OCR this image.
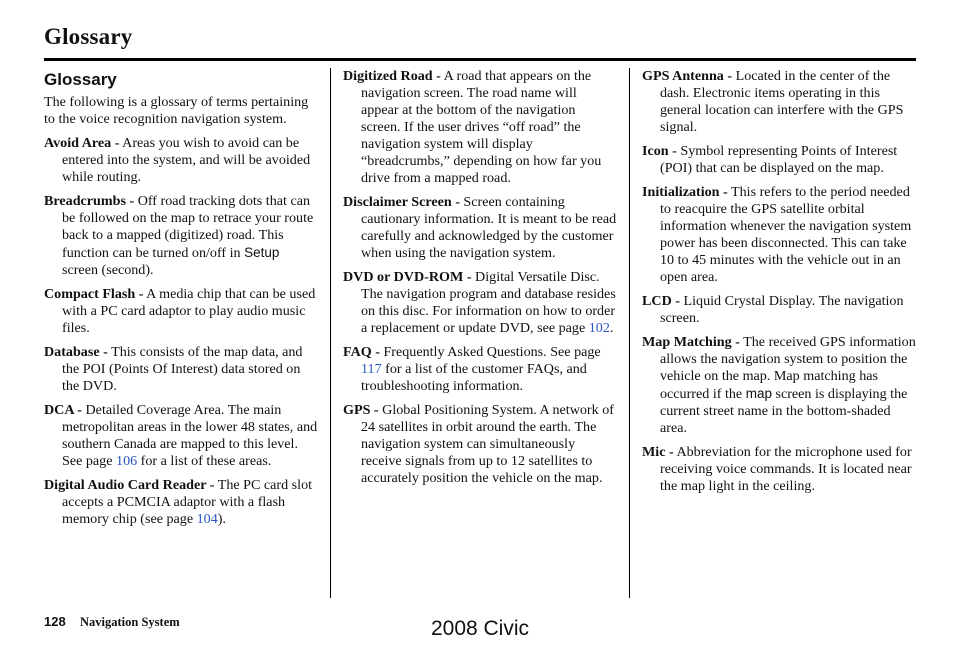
Glossary
Glossary
The following is a glossary of terms pertaining to the voice recognition navigation system.
Avoid Area - Areas you wish to avoid can be entered into the system, and will be avoided while routing.
Breadcrumbs - Off road tracking dots that can be followed on the map to retrace your route back to a mapped (digitized) road. This function can be turned on/off in Setup screen (second).
Compact Flash - A media chip that can be used with a PC card adaptor to play audio music files.
Database - This consists of the map data, and the POI (Points Of Interest) data stored on the DVD.
DCA - Detailed Coverage Area. The main metropolitan areas in the lower 48 states, and southern Canada are mapped to this level. See page 106 for a list of these areas.
Digital Audio Card Reader - The PC card slot accepts a PCMCIA adaptor with a flash memory chip (see page 104).
Digitized Road - A road that appears on the navigation screen. The road name will appear at the bottom of the navigation screen. If the user drives “off road” the navigation system will display “breadcrumbs,” depending on how far you drive from a mapped road.
Disclaimer Screen - Screen containing cautionary information. It is meant to be read carefully and acknowledged by the customer when using the navigation system.
DVD or DVD-ROM - Digital Versatile Disc. The navigation program and database resides on this disc. For information on how to order a replacement or update DVD, see page 102.
FAQ - Frequently Asked Questions. See page 117 for a list of the customer FAQs, and troubleshooting information.
GPS - Global Positioning System. A network of 24 satellites in orbit around the earth. The navigation system can simultaneously receive signals from up to 12 satellites to accurately position the vehicle on the map.
GPS Antenna - Located in the center of the dash. Electronic items operating in this general location can interfere with the GPS signal.
Icon - Symbol representing Points of Interest (POI) that can be displayed on the map.
Initialization - This refers to the period needed to reacquire the GPS satellite orbital information whenever the navigation system power has been disconnected. This can take 10 to 45 minutes with the vehicle out in an open area.
LCD - Liquid Crystal Display. The navigation screen.
Map Matching - The received GPS information allows the navigation system to position the vehicle on the map. Map matching has occurred if the map screen is displaying the current street name in the bottom-shaded area.
Mic - Abbreviation for the microphone used for receiving voice commands. It is located near the map light in the ceiling.
128 Navigation System	2008 Civic
